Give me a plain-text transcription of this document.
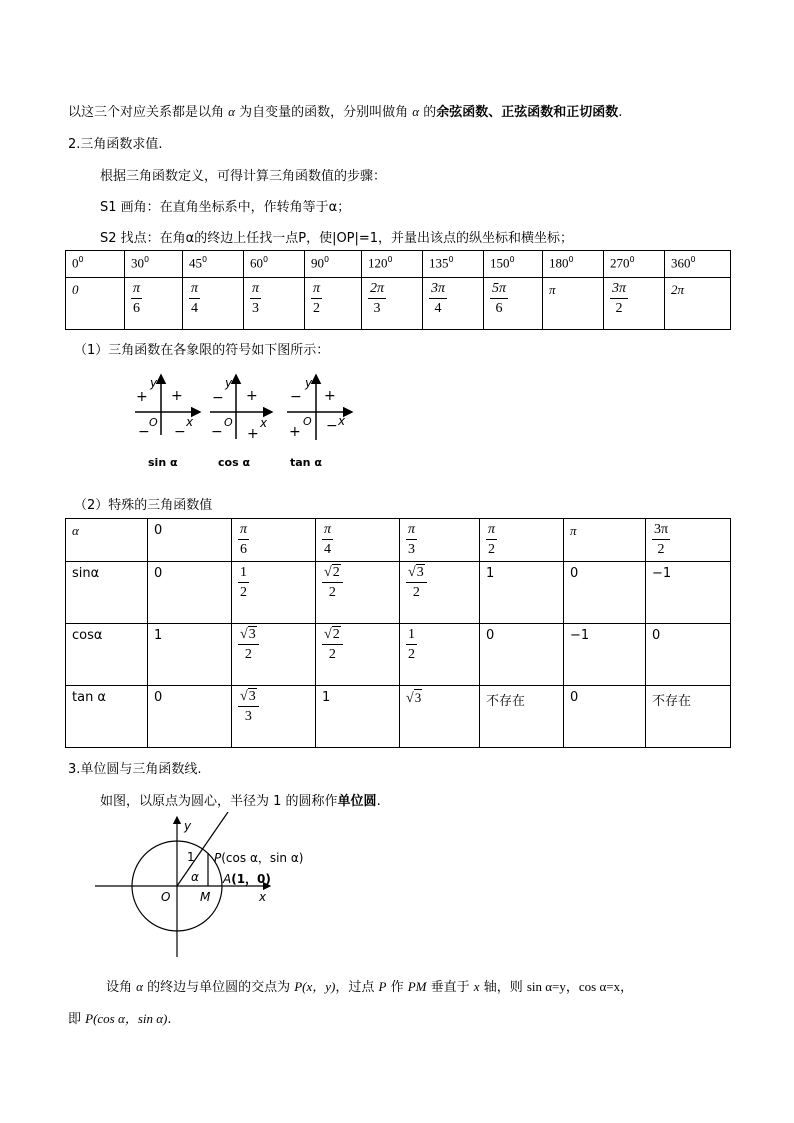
以这三个对应关系都是以角 α 为自变量的函数，分别叫做角 α 的余弦函数、正弦函数和正切函数.
2.三角函数求值.
根据三角函数定义，可得计算三角函数值的步骤：
S1 画角：在直角坐标系中，作转角等于α；
S2 找点：在角α的终边上任找一点P，使|OP|=1，并量出该点的纵坐标和横坐标；
$0^0$	$30^0$	$45^0$	$60^0$	$90^0$	$120^0$	$135^0$	$150^0$	$180^0$	$270^0$	$360^0$
0	$\frac{\pi}{6}$	$\frac{\pi}{4}$	$\frac{\pi}{3}$	$\frac{\pi}{2}$	$\frac{2\pi}{3}$	$\frac{3\pi}{4}$	$\frac{5\pi}{6}$	π	$\frac{3\pi}{2}$	2π
（1）三角函数在各象限的符号如下图所示：
y
x
O
+ +
− −
sin α
y
x
O
− +
− +
cos α
y
x
O
− +
+ −
tan α
（2）特殊的三角函数值
α	0	$\frac{\pi}{6}$	$\frac{\pi}{4}$	$\frac{\pi}{3}$	$\frac{\pi}{2}$	π	$\frac{3\pi}{2}$

sinα	0	$\frac{1}{2}$	$\frac{√2}{2}$	$\frac{√3}{2}$	1	0	−1
cosα	1	$\frac{√3}{2}$	$\frac{√2}{2}$	$\frac{1}{2}$	0	−1	0
tan α	0	$\frac{√3}{3}$	1	√3	不存在	0	不存在
3.单位圆与三角函数线.
如图，以原点为圆心，半径为 1 的圆称作单位圆.
y
x
O M
1
α
P(cos α，sin α)
A(1，0)
设角 α 的终边与单位圆的交点为 P(x，y)，过点 P 作 PM 垂直于 x 轴，则 sin α=y，cos α=x，
即 P(cos α，sin α).
